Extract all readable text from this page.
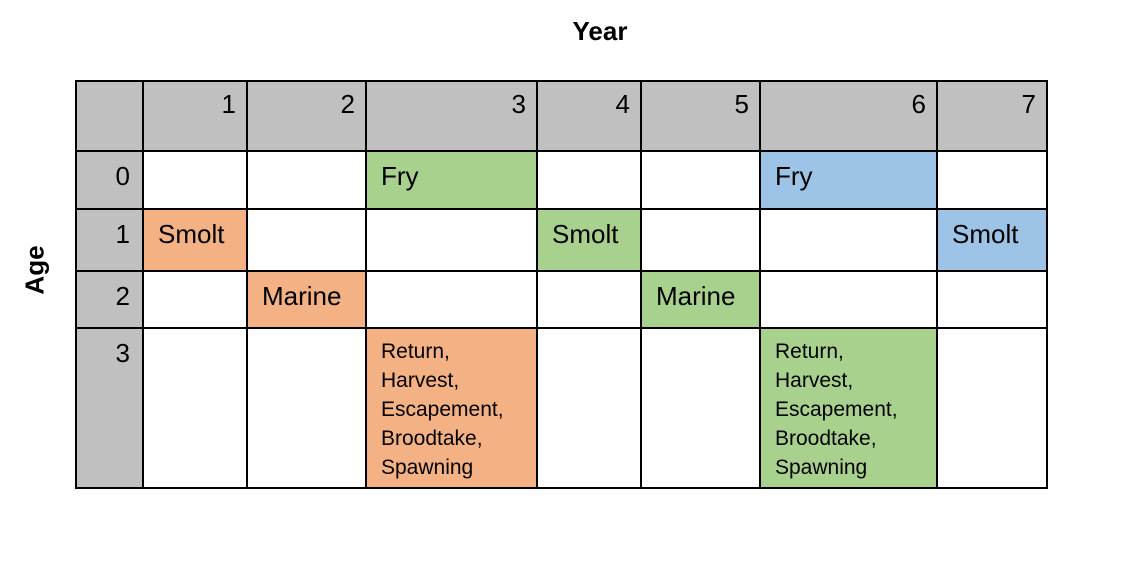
Year
Age
	1	2	3	4	5	6	7
0			Fry			Fry	

1	Smolt			Smolt			Smolt

2		Marine			Marine		

3			Return,
Harvest,
Escapement,
Broodtake,
Spawning			Return,
Harvest,
Escapement,
Broodtake,
Spawning	
